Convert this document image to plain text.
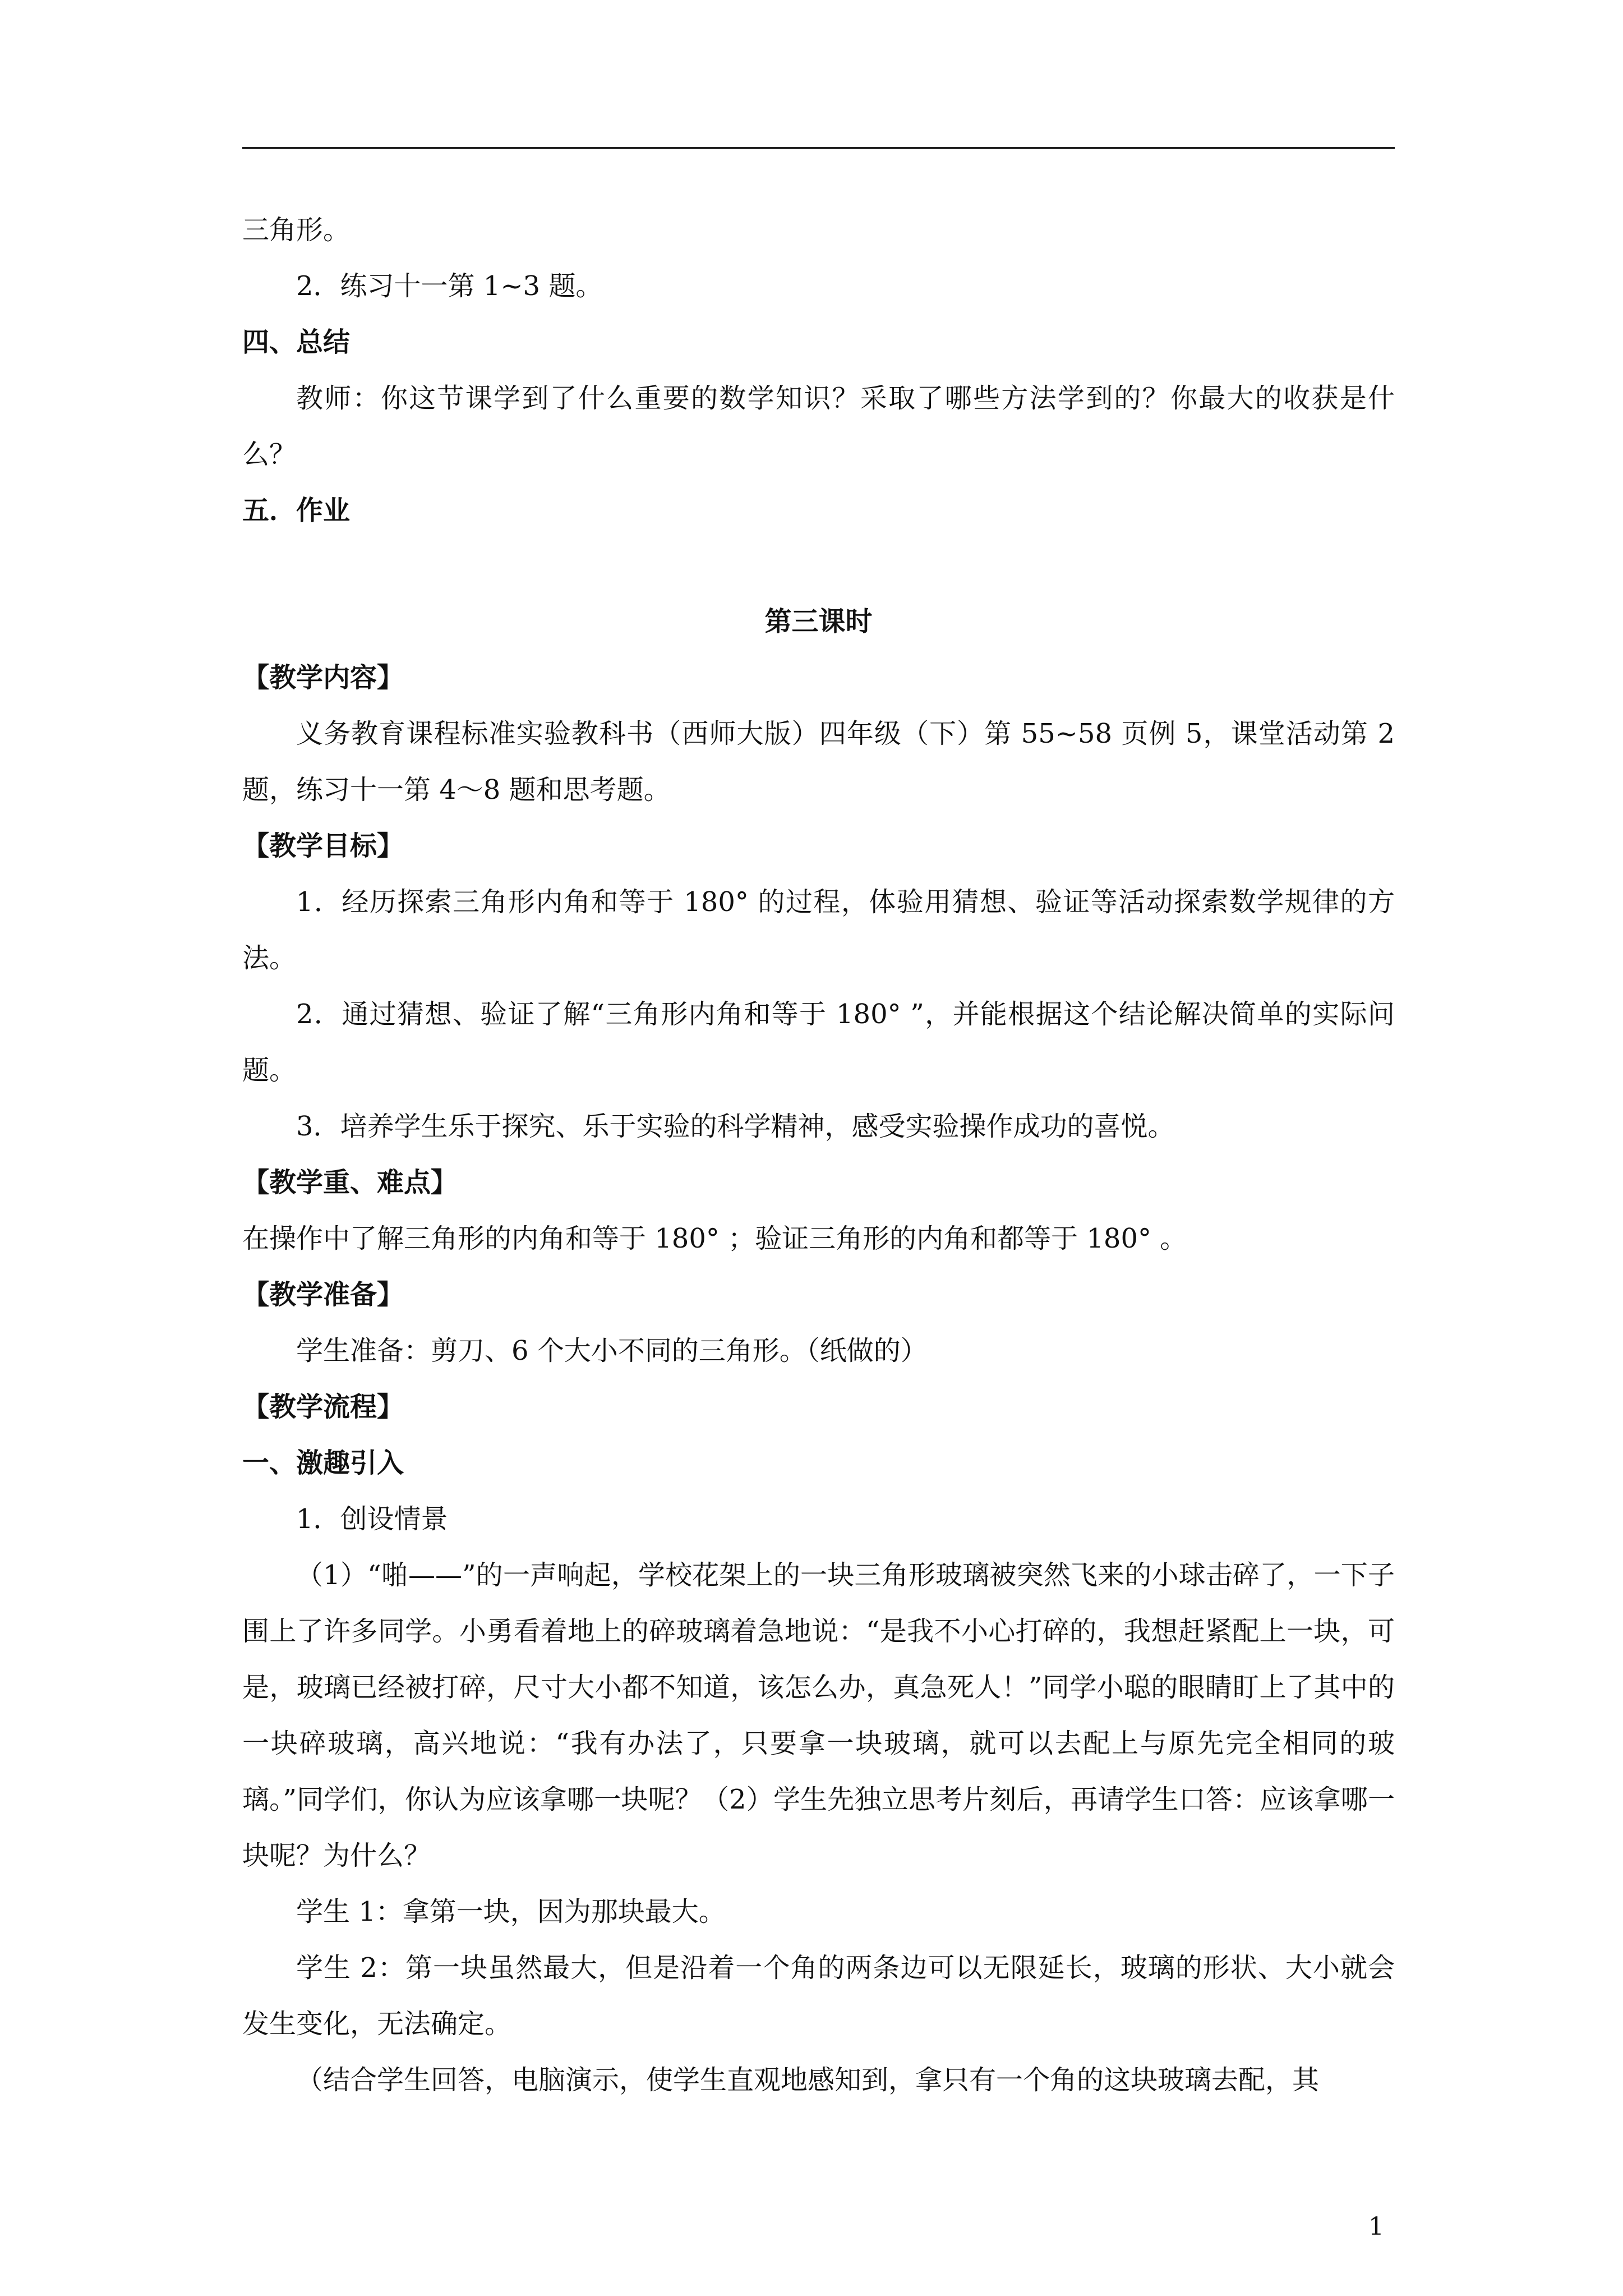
三角形。

2．练习十一第 1~3 题。

四、总结

教师：你这节课学到了什么重要的数学知识？采取了哪些方法学到的？你最大的收获是什么？

五．作业

第三课时

【教学内容】

义务教育课程标准实验教科书（西师大版）四年级（下）第 55~58 页例 5，课堂活动第 2 题，练习十一第 4～8 题和思考题。

【教学目标】

1．经历探索三角形内角和等于 180° 的过程，体验用猜想、验证等活动探索数学规律的方法。

2．通过猜想、验证了解“三角形内角和等于 180° ”，并能根据这个结论解决简单的实际问题。

3．培养学生乐于探究、乐于实验的科学精神，感受实验操作成功的喜悦。

【教学重、难点】

在操作中了解三角形的内角和等于 180° ；验证三角形的内角和都等于 180° 。

【教学准备】

学生准备：剪刀、6 个大小不同的三角形。（纸做的）

【教学流程】

一、激趣引入

1．创设情景

（1）“啪——”的一声响起，学校花架上的一块三角形玻璃被突然飞来的小球击碎了，一下子围上了许多同学。小勇看着地上的碎玻璃着急地说：“是我不小心打碎的，我想赶紧配上一块，可是，玻璃已经被打碎，尺寸大小都不知道，该怎么办，真急死人！”同学小聪的眼睛盯上了其中的一块碎玻璃，高兴地说：“我有办法了，只要拿一块玻璃，就可以去配上与原先完全相同的玻璃。”同学们，你认为应该拿哪一块呢？（2）学生先独立思考片刻后，再请学生口答：应该拿哪一块呢？为什么？

学生 1：拿第一块，因为那块最大。

学生 2：第一块虽然最大，但是沿着一个角的两条边可以无限延长，玻璃的形状、大小就会发生变化，无法确定。

（结合学生回答，电脑演示，使学生直观地感知到，拿只有一个角的这块玻璃去配，其

1
